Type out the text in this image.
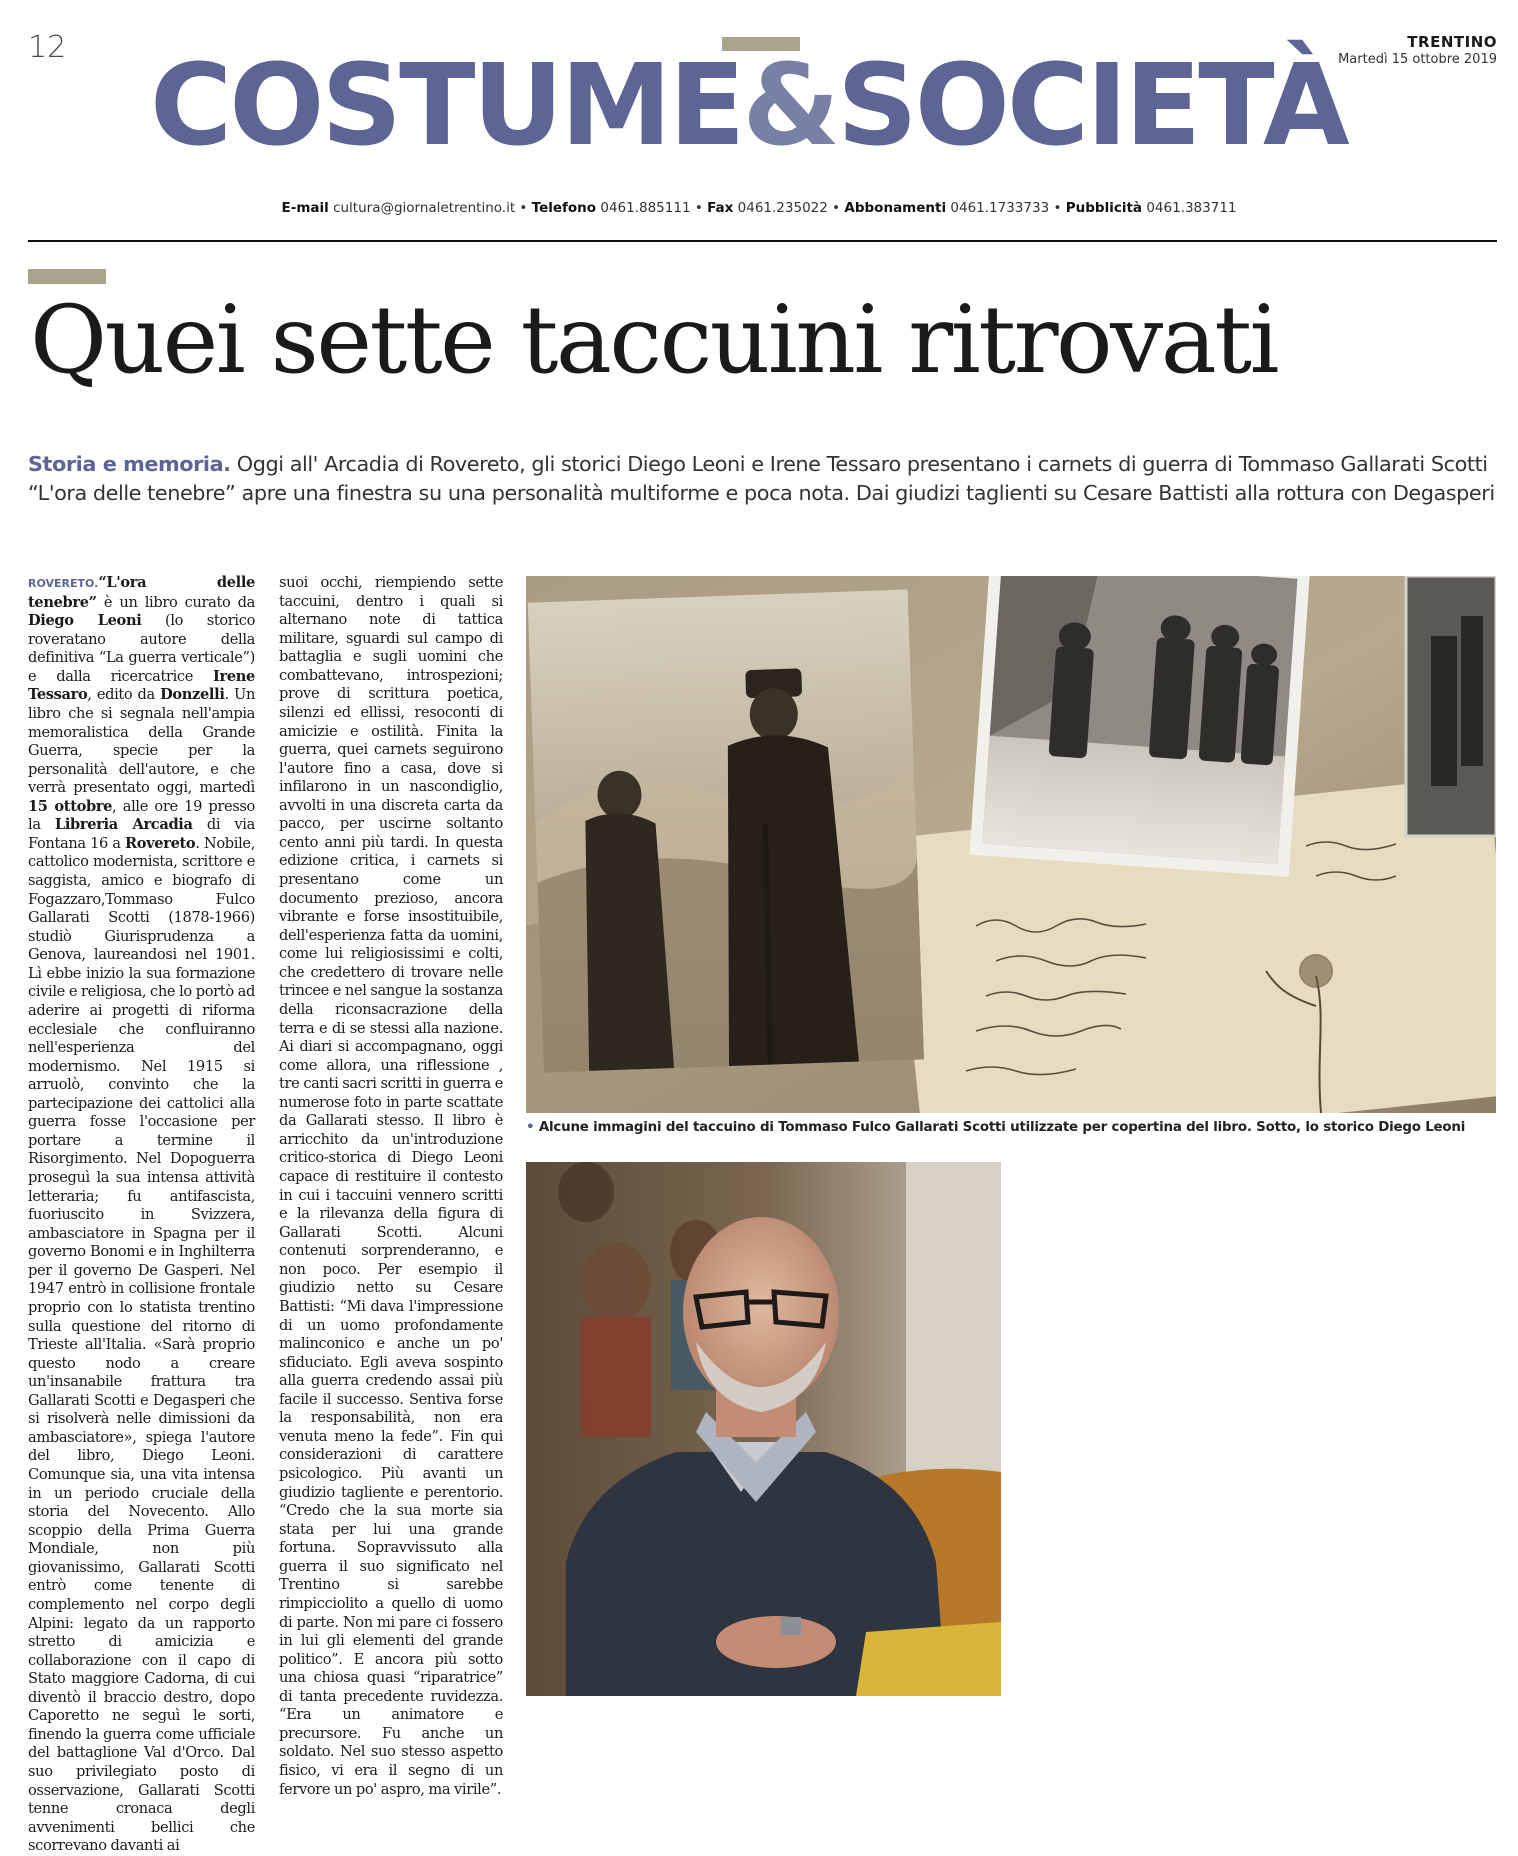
12 COSTUME&SOCIETÀ	TRENTINO
Martedì 15 ottobre 2019
E-mail cultura@giornaletrentino.it • Telefono 0461.885111 • Fax 0461.235022 • Abbonamenti 0461.1733733 • Pubblicità 0461.383711
Quei sette taccuini ritrovati
Storia e memoria. Oggi all' Arcadia di Rovereto, gli storici Diego Leoni e Irene Tessaro presentano i carnets di guerra di Tommaso Gallarati Scotti
“L'ora delle tenebre” apre una finestra su una personalità multiforme e poca nota. Dai giudizi taglienti su Cesare Battisti alla rottura con Degasperi
ROVERETO.“L'ora delle tenebre” è un libro curato da Diego Leoni (lo storico roveratano autore della definitiva “La guerra verticale”) e dalla ricercatrice Irene Tessaro, edito da Donzelli. Un libro che si segnala nell'ampia memoralistica della Grande Guerra, specie per la personalità dell'autore, e che verrà presentato oggi, martedì 15 ottobre, alle ore 19 presso la Libreria Arcadia di via Fontana 16 a Rovereto. Nobile, cattolico modernista, scrittore e saggista, amico e biografo di Fogazzaro,Tommaso Fulco Gallarati Scotti (1878-1966) studiò Giurisprudenza a Genova, laureandosi nel 1901. Lì ebbe inizio la sua formazione civile e religiosa, che lo portò ad aderire ai progetti di riforma ecclesiale che confluiranno nell'esperienza del modernismo. Nel 1915 si arruolò, convinto che la partecipazione dei cattolici alla guerra fosse l'occasione per portare a termine il Risorgimento. Nel Dopoguerra proseguì la sua intensa attività letteraria; fu antifascista, fuoriuscito in Svizzera, ambasciatore in Spagna per il governo Bonomi e in Inghilterra per il governo De Gasperi. Nel 1947 entrò in collisione frontale proprio con lo statista trentino sulla questione del ritorno di Trieste all'Italia. «Sarà proprio questo nodo a creare un'insanabile frattura tra Gallarati Scotti e Degasperi che si risolverà nelle dimissioni da ambasciatore», spiega l'autore del libro, Diego Leoni. Comunque sia, una vita intensa in un periodo cruciale della storia del Novecento. Allo scoppio della Prima Guerra Mondiale, non più giovanissimo, Gallarati Scotti entrò come tenente di complemento nel corpo degli Alpini: legato da un rapporto stretto di amicizia e collaborazione con il capo di Stato maggiore Cadorna, di cui diventò il braccio destro, dopo Caporetto ne seguì le sorti, finendo la guerra come ufficiale del battaglione Val d'Orco. Dal suo privilegiato posto di osservazione, Gallarati Scotti tenne cronaca degli avvenimenti bellici che scorrevano davanti ai
suoi occhi, riempiendo sette taccuini, dentro i quali si alternano note di tattica militare, sguardi sul campo di battaglia e sugli uomini che combattevano, introspezioni; prove di scrittura poetica, silenzi ed ellissi, resoconti di amicizie e ostilità. Finita la guerra, quei carnets seguirono l'autore fino a casa, dove si infilarono in un nascondiglio, avvolti in una discreta carta da pacco, per uscirne soltanto cento anni più tardi. In questa edizione critica, i carnets si presentano come un documento prezioso, ancora vibrante e forse insostituibile, dell'esperienza fatta da uomini, come lui religiosissimi e colti, che credettero di trovare nelle trincee e nel sangue la sostanza della riconsacrazione della terra e di se stessi alla nazione. Ai diari si accompagnano, oggi come allora, una riflessione , tre canti sacri scritti in guerra e numerose foto in parte scattate da Gallarati stesso. Il libro è arricchito da un'introduzione critico-storica di Diego Leoni capace di restituire il contesto in cui i taccuini vennero scritti e la rilevanza della figura di Gallarati Scotti. Alcuni contenuti sorprenderanno, e non poco. Per esempio il giudizio netto su Cesare Battisti: “Mi dava l'impressione di un uomo profondamente malinconico e anche un po' sfiduciato. Egli aveva sospinto alla guerra credendo assai più facile il successo. Sentiva forse la responsabilità, non era venuta meno la fede”. Fin qui considerazioni di carattere psicologico. Più avanti un giudizio tagliente e perentorio. “Credo che la sua morte sia stata per lui una grande fortuna. Sopravvissuto alla guerra il suo significato nel Trentino si sarebbe rimpicciolito a quello di uomo di parte. Non mi pare ci fossero in lui gli elementi del grande politico”. E ancora più sotto una chiosa quasi “riparatrice” di tanta precedente ruvidezza. “Era un animatore e precursore. Fu anche un soldato. Nel suo stesso aspetto fisico, vi era il segno di un fervore un po' aspro, ma virile”.
• Alcune immagini del taccuino di Tommaso Fulco Gallarati Scotti utilizzate per copertina del libro. Sotto, lo storico Diego Leoni
